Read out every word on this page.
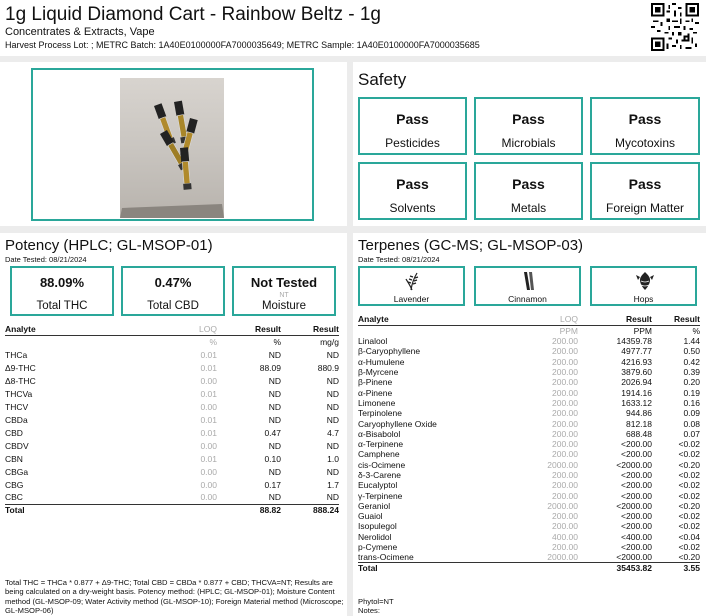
1g Liquid Diamond Cart - Rainbow Beltz - 1g
Concentrates & Extracts, Vape
Harvest Process Lot: ; METRC Batch: 1A40E0100000FA7000035649; METRC Sample: 1A40E0100000FA7000035685
Safety
Pass
Pesticides
Pass
Microbials
Pass
Mycotoxins
Pass
Solvents
Pass
Metals
Pass
Foreign Matter
Potency (HPLC; GL-MSOP-01)
Date Tested: 08/21/2024
88.09%
Total THC
0.47%
Total CBD
Not Tested
NT
Moisture
Analyte	LOQ	Result	Result
	%	%	mg/g
THCa	0.01	ND	ND
Δ9-THC	0.01	88.09	880.9
Δ8-THC	0.00	ND	ND
THCVa	0.01	ND	ND
THCV	0.00	ND	ND
CBDa	0.01	ND	ND
CBD	0.01	0.47	4.7
CBDV	0.00	ND	ND
CBN	0.01	0.10	1.0
CBGa	0.00	ND	ND
CBG	0.00	0.17	1.7
CBC	0.00	ND	ND
Total		88.82	888.24
Total THC = THCa * 0.877 + Δ9-THC; Total CBD = CBDa * 0.877 + CBD; THCVA=NT; Results are being calculated on a dry-weight basis. Potency method: (HPLC; GL-MSOP-01); Moisture Content method (GL-MSOP-09; Water Activity method (GL-MSOP-10); Foreign Material method (Microscope; GL-MSOP-06)
Terpenes (GC-MS; GL-MSOP-03)
Date Tested: 08/21/2024
Lavender	Cinnamon	Hops
Analyte	LOQ	Result	Result
	PPM	PPM	%
Linalool	200.00	14359.78	1.44
β-Caryophyllene	200.00	4977.77	0.50
α-Humulene	200.00	4216.93	0.42
β-Myrcene	200.00	3879.60	0.39
β-Pinene	200.00	2026.94	0.20
α-Pinene	200.00	1914.16	0.19
Limonene	200.00	1633.12	0.16
Terpinolene	200.00	944.86	0.09
Caryophyllene Oxide	200.00	812.18	0.08
α-Bisabolol	200.00	688.48	0.07
α-Terpinene	200.00	<200.00	<0.02
Camphene	200.00	<200.00	<0.02
cis-Ocimene	2000.00	<2000.00	<0.20
δ-3-Carene	200.00	<200.00	<0.02
Eucalyptol	200.00	<200.00	<0.02
γ-Terpinene	200.00	<200.00	<0.02
Geraniol	2000.00	<2000.00	<0.20
Guaiol	200.00	<200.00	<0.02
Isopulegol	200.00	<200.00	<0.02
Nerolidol	400.00	<400.00	<0.04
p-Cymene	200.00	<200.00	<0.02
trans-Ocimene	2000.00	<2000.00	<0.20
Total		35453.82	3.55
Phytol=NT
Notes:
